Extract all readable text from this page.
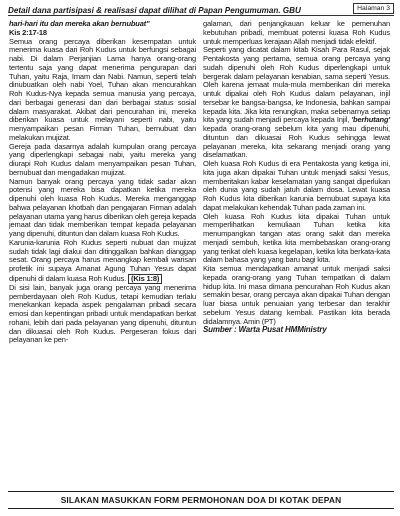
Detail dana partisipasi & realisasi dapat dilihat di Papan Pengumuman. GBU	Halaman 3

hari-hari itu dan mereka akan bernubuat"

Kis 2:17-18

Semua orang percaya diberikan kesempatan untuk menerima kuasa dari Roh Kudus untuk berfungsi sebagai nabi. Di dalam Perjanjian Lama hanya orang-orang tertentu saja yang dapat menerima pengurapan dari Tuhan, yaitu Raja, Imam dan Nabi. Namun, seperti telah dinubuatkan oleh nabi Yoel, Tuhan akan mencurahkan Roh Kudus-Nya kepada semua manusia yang percaya, dari berbagai generasi dan dari berbagai status sosial dalam masyarakat. Akibat dari pencurahan ini, mereka diberikan kuasa untuk melayani seperti nabi, yaitu menyampaikan pesan Firman Tuhan, bernubuat dan melakukan mujizat.

Gereja pada dasarnya adalah kumpulan orang percaya yang diperlengkapi sebagai nabi, yaitu mereka yang diurapi Roh Kudus dalam menyampaikan pesan Tuhan, bernubuat dan mengadakan mujizat.

Namun banyak orang percaya yang tidak sadar akan potensi yang mereka bisa dapatkan ketika mereka dipenuhi oleh kuasa Roh Kudus. Mereka menganggap bahwa pelayanan khotbah dan pengajaran Firman adalah pelayanan utama yang harus diberikan oleh gereja kepada jemaat dan tidak memberikan tempat kepada pelayanan yang dipenuhi, dituntun dan dalam kuasa Roh Kudus.

Karunia-karunia Roh Kudus seperti nubuat dan mujizat sudah tidak lagi diakui dan ditinggalkan bahkan dianggap sesat. Orang percaya harus menangkap kembali warisan profetik ini supaya Amanat Agung Tuhan Yesus dapat dipenuhi di dalam kuasa Roh Kudus. (Kis 1:8)

Di sisi lain, banyak juga orang percaya yang menerima pemberdayaan oleh Roh Kudus, tetapi kemudian terlalu menekankan kepada aspek pengalaman pribadi secara emosi dan kepentingan pribadi untuk mendapatkan berkat rohani, lebih dari pada pelayanan yang dipenuhi, dituntun dan dikuasai oleh Roh Kudus. Pergeseran fokus dari pelayanan ke pen-

galaman, dari penjangkauan keluar ke pemenuhan kebutuhan pribadi, membuat potensi kuasa Roh Kudus untuk memperluas kerajaan Allah menjadi tidak efektif.

Seperti yang dicatat dalam kitab Kisah Para Rasul, sejak Pentakosta yang pertama, semua orang percaya yang sudah dipenuhi oleh Roh Kudus diperlengkapi untuk bergerak dalam pelayanan kenabian, sama seperti Yesus. Oleh karena jemaat mula-mula memberikan diri mereka untuk dipakai oleh Roh Kudus dalam pelayanan, injil tersebar ke bangsa-bangsa, ke Indonesia, bahkan sampai kepada kita. Jika kita renungkan, maka sebenarnya setiap kita yang sudah menjadi percaya kepada Injil, 'berhutang' kepada orang-orang sebelum kita yang mau dipenuhi, dituntun dan dikuasai Roh Kudus sehingga lewat pelayanan mereka, kita sekarang menjadi orang yang diselamatkan.

Oleh kuasa Roh Kudus di era Pentakosta yang ketiga ini, kita juga akan dipakai Tuhan untuk menjadi saksi Yesus, memberitakan kabar keselamatan yang sangat diperlukan oleh dunia yang sudah jatuh dalam dosa. Lewat kuasa Roh Kudus kita diberikan karunia bernubuat supaya kita dapat melakukan kehendak Tuhan pada zaman ini.

Oleh kuasa Roh Kudus kita dipakai Tuhan untuk memperlihatkan kemuliaan Tuhan ketika kita menumpangkan tangan atas orang sakit dan mereka menjadi sembuh, ketika kita membebaskan orang-orang yang terikat oleh kuasa kegelapan, ketika kita berkata-kata dalam bahasa yang yang baru bagi kita.

Kita semua mendapatkan amanat untuk menjadi saksi kepada orang-orang yang Tuhan tempatkan di dalam hidup kita. Ini masa dimana pencurahan Roh Kudus akan semakin besar, orang percaya akan dipakai Tuhan dengan luar biasa untuk penuaian yang terbesar dan terakhir sebelum Yesus datang kembali. Pastikan kita berada didalamnya. Amin (PT)

Sumber : Warta Pusat HMMinistry

SILAKAN MASUKKAN FORM PERMOHONAN DOA DI KOTAK DEPAN
